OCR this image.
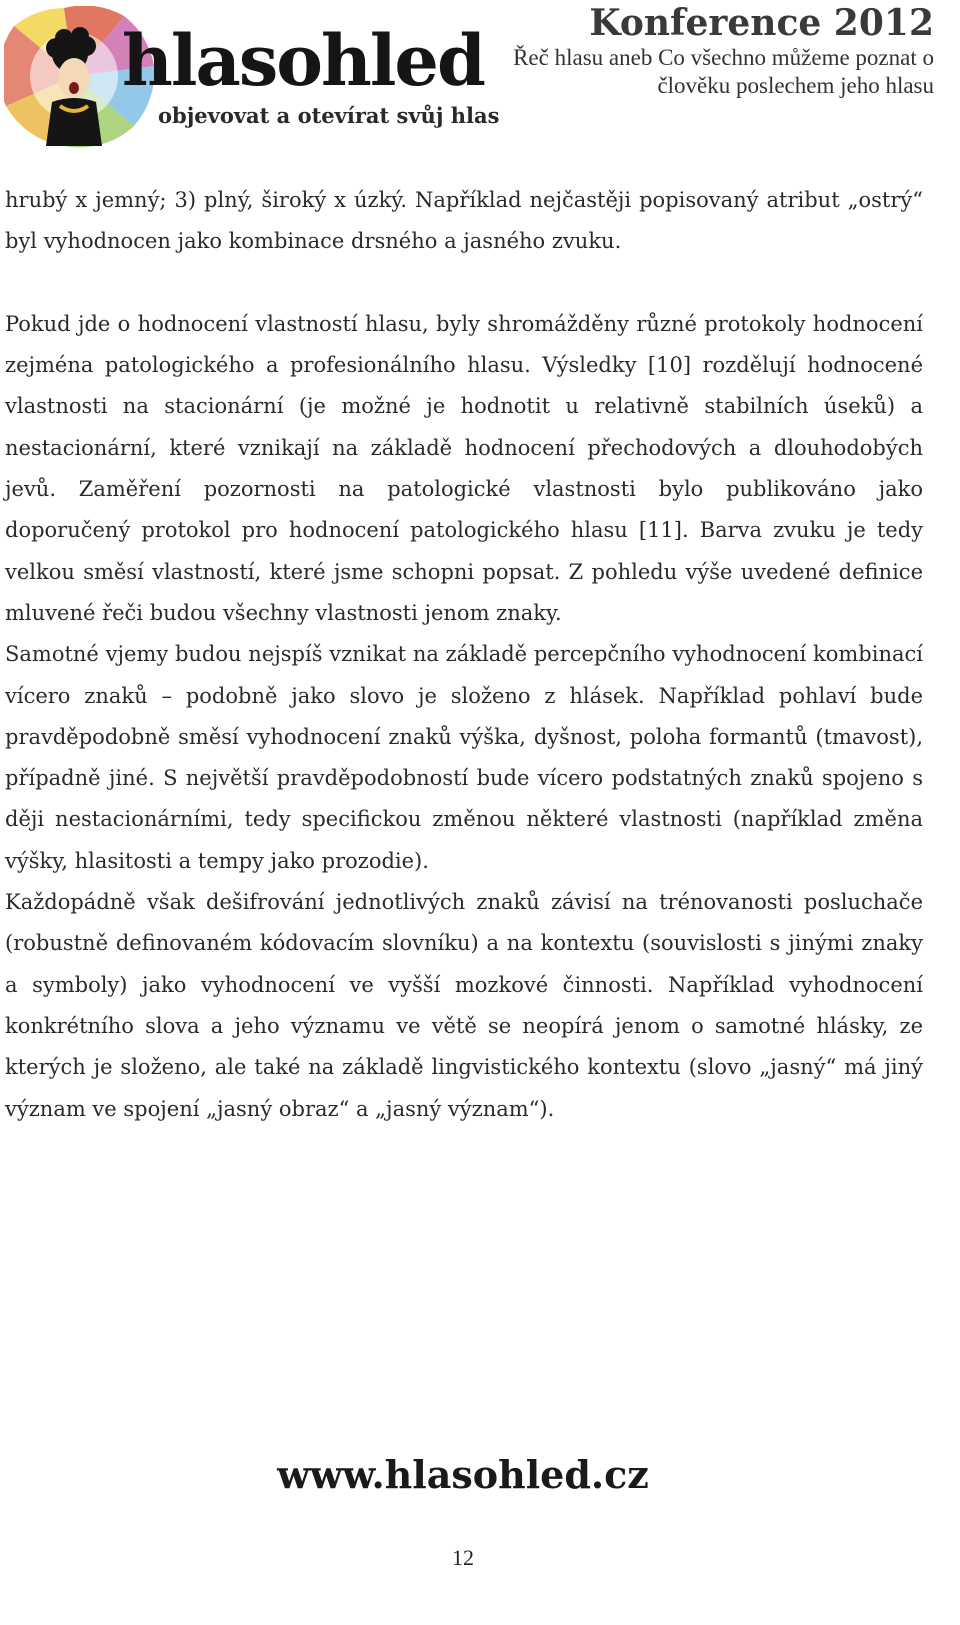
hlasohled
objevovat a otevírat svůj hlas
Konference 2012
Řeč hlasu aneb Co všechno můžeme poznat o člověku poslechem jeho hlasu

hrubý x jemný; 3) plný, široký x úzký. Například nejčastěji popisovaný atribut „ostrý“ byl vyhodnocen jako kombinace drsného a jasného zvuku.

Pokud jde o hodnocení vlastností hlasu, byly shromážděny různé protokoly hodnocení zejména patologického a profesionálního hlasu. Výsledky [10] rozdělují hodnocené vlastnosti na stacionární (je možné je hodnotit u relativně stabilních úseků) a nestacionární, které vznikají na základě hodnocení přechodových a dlouhodobých jevů. Zaměření pozornosti na patologické vlastnosti bylo publikováno jako doporučený protokol pro hodnocení patologického hlasu [11]. Barva zvuku je tedy velkou směsí vlastností, které jsme schopni popsat. Z pohledu výše uvedené definice mluvené řeči budou všechny vlastnosti jenom znaky.

Samotné vjemy budou nejspíš vznikat na základě percepčního vyhodnocení kombinací vícero znaků – podobně jako slovo je složeno z hlásek. Například pohlaví bude pravděpodobně směsí vyhodnocení znaků výška, dyšnost, poloha formantů (tmavost), případně jiné. S největší pravděpodobností bude vícero podstatných znaků spojeno s ději nestacionárními, tedy specifickou změnou některé vlastnosti (například změna výšky, hlasitosti a tempy jako prozodie).

Každopádně však dešifrování jednotlivých znaků závisí na trénovanosti posluchače (robustně definovaném kódovacím slovníku) a na kontextu (souvislosti s jinými znaky a symboly) jako vyhodnocení ve vyšší mozkové činnosti. Například vyhodnocení konkrétního slova a jeho významu ve větě se neopírá jenom o samotné hlásky, ze kterých je složeno, ale také na základě lingvistického kontextu (slovo „jasný“ má jiný význam ve spojení „jasný obraz“ a „jasný význam“).

www.hlasohled.cz
12
